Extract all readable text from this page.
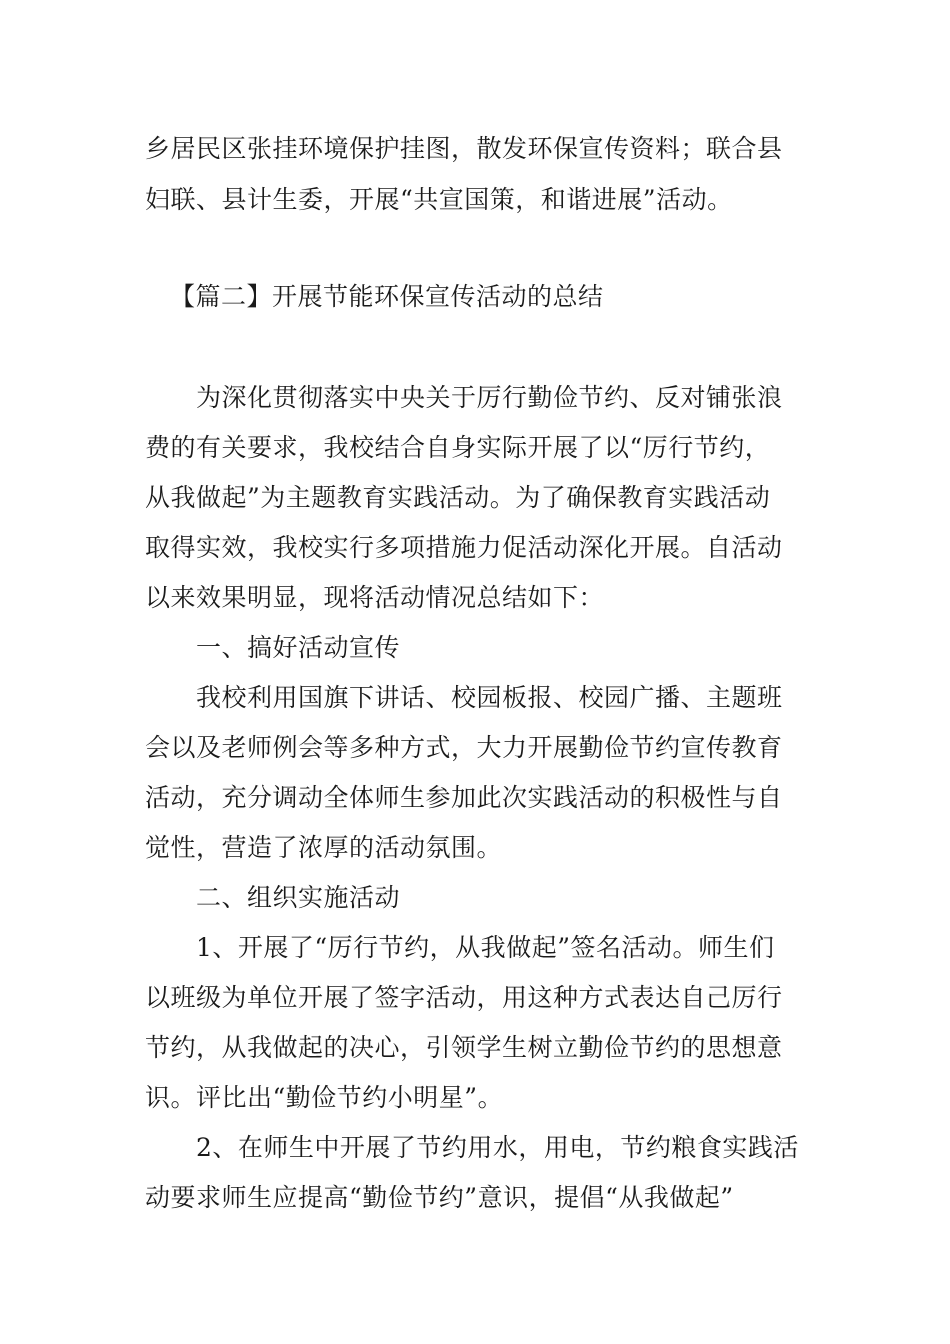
乡居民区张挂环境保护挂图，散发环保宣传资料；联合县
妇联、县计生委，开展“共宣国策，和谐进展”活动。
【篇二】开展节能环保宣传活动的总结
为深化贯彻落实中央关于厉行勤俭节约、反对铺张浪
费的有关要求，我校结合自身实际开展了以“厉行节约，
从我做起”为主题教育实践活动。为了确保教育实践活动
取得实效，我校实行多项措施力促活动深化开展。自活动
以来效果明显，现将活动情况总结如下：
一、搞好活动宣传
我校利用国旗下讲话、校园板报、校园广播、主题班
会以及老师例会等多种方式，大力开展勤俭节约宣传教育
活动，充分调动全体师生参加此次实践活动的积极性与自
觉性，营造了浓厚的活动氛围。
二、组织实施活动
1、开展了“厉行节约，从我做起”签名活动。师生们
以班级为单位开展了签字活动，用这种方式表达自己厉行
节约，从我做起的决心，引领学生树立勤俭节约的思想意
识。评比出“勤俭节约小明星”。
2、在师生中开展了节约用水，用电，节约粮食实践活
动要求师生应提高“勤俭节约”意识，提倡“从我做起”
